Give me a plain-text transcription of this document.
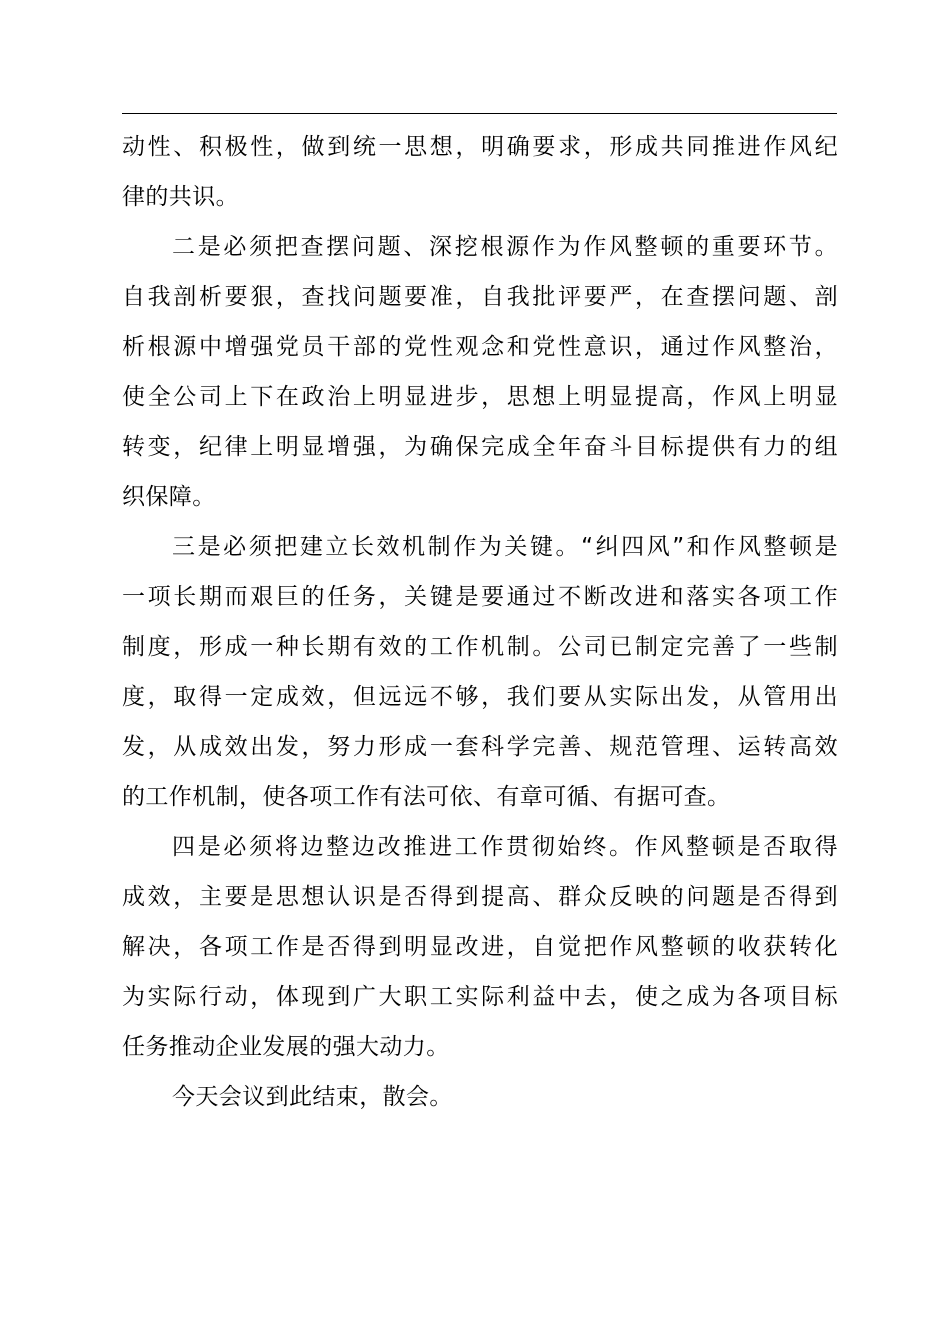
动性、积极性，做到统一思想，明确要求，形成共同推进作风纪
律的共识。
二是必须把查摆问题、深挖根源作为作风整顿的重要环节。
自我剖析要狠，查找问题要准，自我批评要严，在查摆问题、剖
析根源中增强党员干部的党性观念和党性意识，通过作风整治，
使全公司上下在政治上明显进步，思想上明显提高，作风上明显
转变，纪律上明显增强，为确保完成全年奋斗目标提供有力的组
织保障。
三是必须把建立长效机制作为关键。“纠四风”和作风整顿是
一项长期而艰巨的任务，关键是要通过不断改进和落实各项工作
制度，形成一种长期有效的工作机制。公司已制定完善了一些制
度，取得一定成效，但远远不够，我们要从实际出发，从管用出
发，从成效出发，努力形成一套科学完善、规范管理、运转高效
的工作机制，使各项工作有法可依、有章可循、有据可查。
四是必须将边整边改推进工作贯彻始终。作风整顿是否取得
成效，主要是思想认识是否得到提高、群众反映的问题是否得到
解决，各项工作是否得到明显改进，自觉把作风整顿的收获转化
为实际行动，体现到广大职工实际利益中去，使之成为各项目标
任务推动企业发展的强大动力。
今天会议到此结束，散会。
